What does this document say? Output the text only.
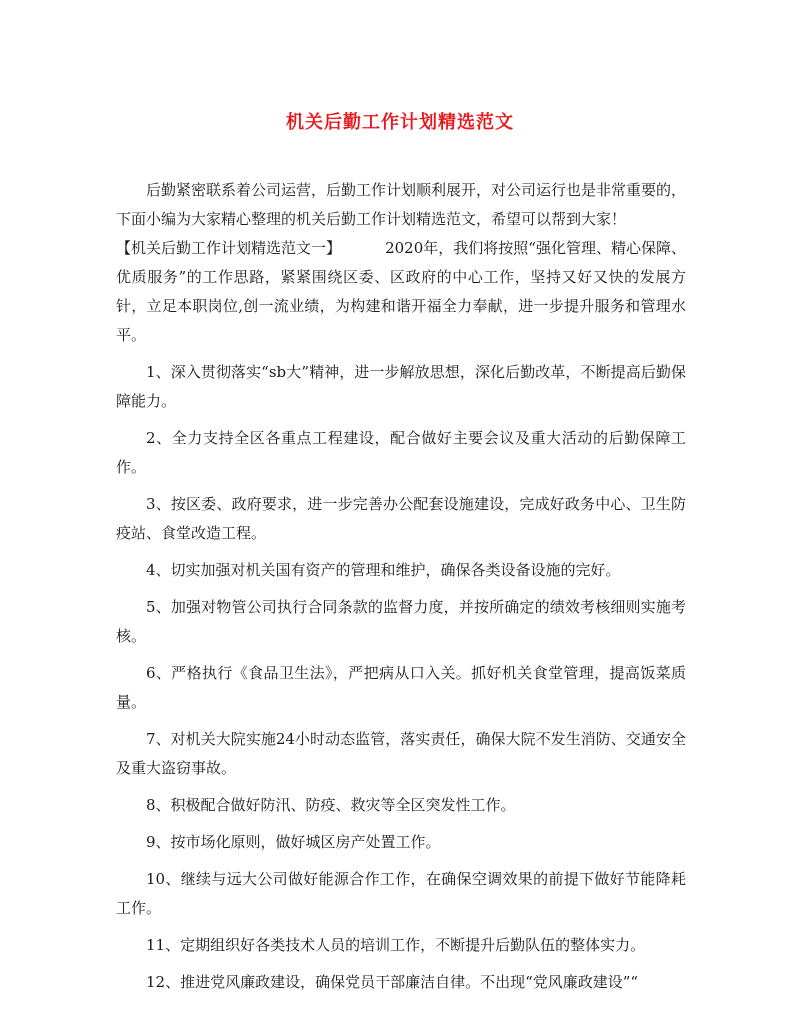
机关后勤工作计划精选范文

后勤紧密联系着公司运营，后勤工作计划顺利展开，对公司运行也是非常重要的，下面小编为大家精心整理的机关后勤工作计划精选范文，希望可以帮到大家！

【机关后勤工作计划精选范文一】	2020年，我们将按照“强化管理、精心保障、优质服务”的工作思路，紧紧围绕区委、区政府的中心工作，坚持又好又快的发展方针，立足本职岗位,创一流业绩，为构建和谐开福全力奉献，进一步提升服务和管理水平。

1、深入贯彻落实“sb大”精神，进一步解放思想，深化后勤改革，不断提高后勤保障能力。

2、全力支持全区各重点工程建设，配合做好主要会议及重大活动的后勤保障工作。

3、按区委、政府要求，进一步完善办公配套设施建设，完成好政务中心、卫生防疫站、食堂改造工程。

4、切实加强对机关国有资产的管理和维护，确保各类设备设施的完好。

5、加强对物管公司执行合同条款的监督力度，并按所确定的绩效考核细则实施考核。

6、严格执行《食品卫生法》，严把病从口入关。抓好机关食堂管理，提高饭菜质量。

7、对机关大院实施24小时动态监管，落实责任，确保大院不发生消防、交通安全及重大盗窃事故。

8、积极配合做好防汛、防疫、救灾等全区突发性工作。

9、按市场化原则，做好城区房产处置工作。

10、继续与远大公司做好能源合作工作，在确保空调效果的前提下做好节能降耗工作。

11、定期组织好各类技术人员的培训工作，不断提升后勤队伍的整体实力。

12、推进党风廉政建设，确保党员干部廉洁自律。不出现“党风廉政建设”“
